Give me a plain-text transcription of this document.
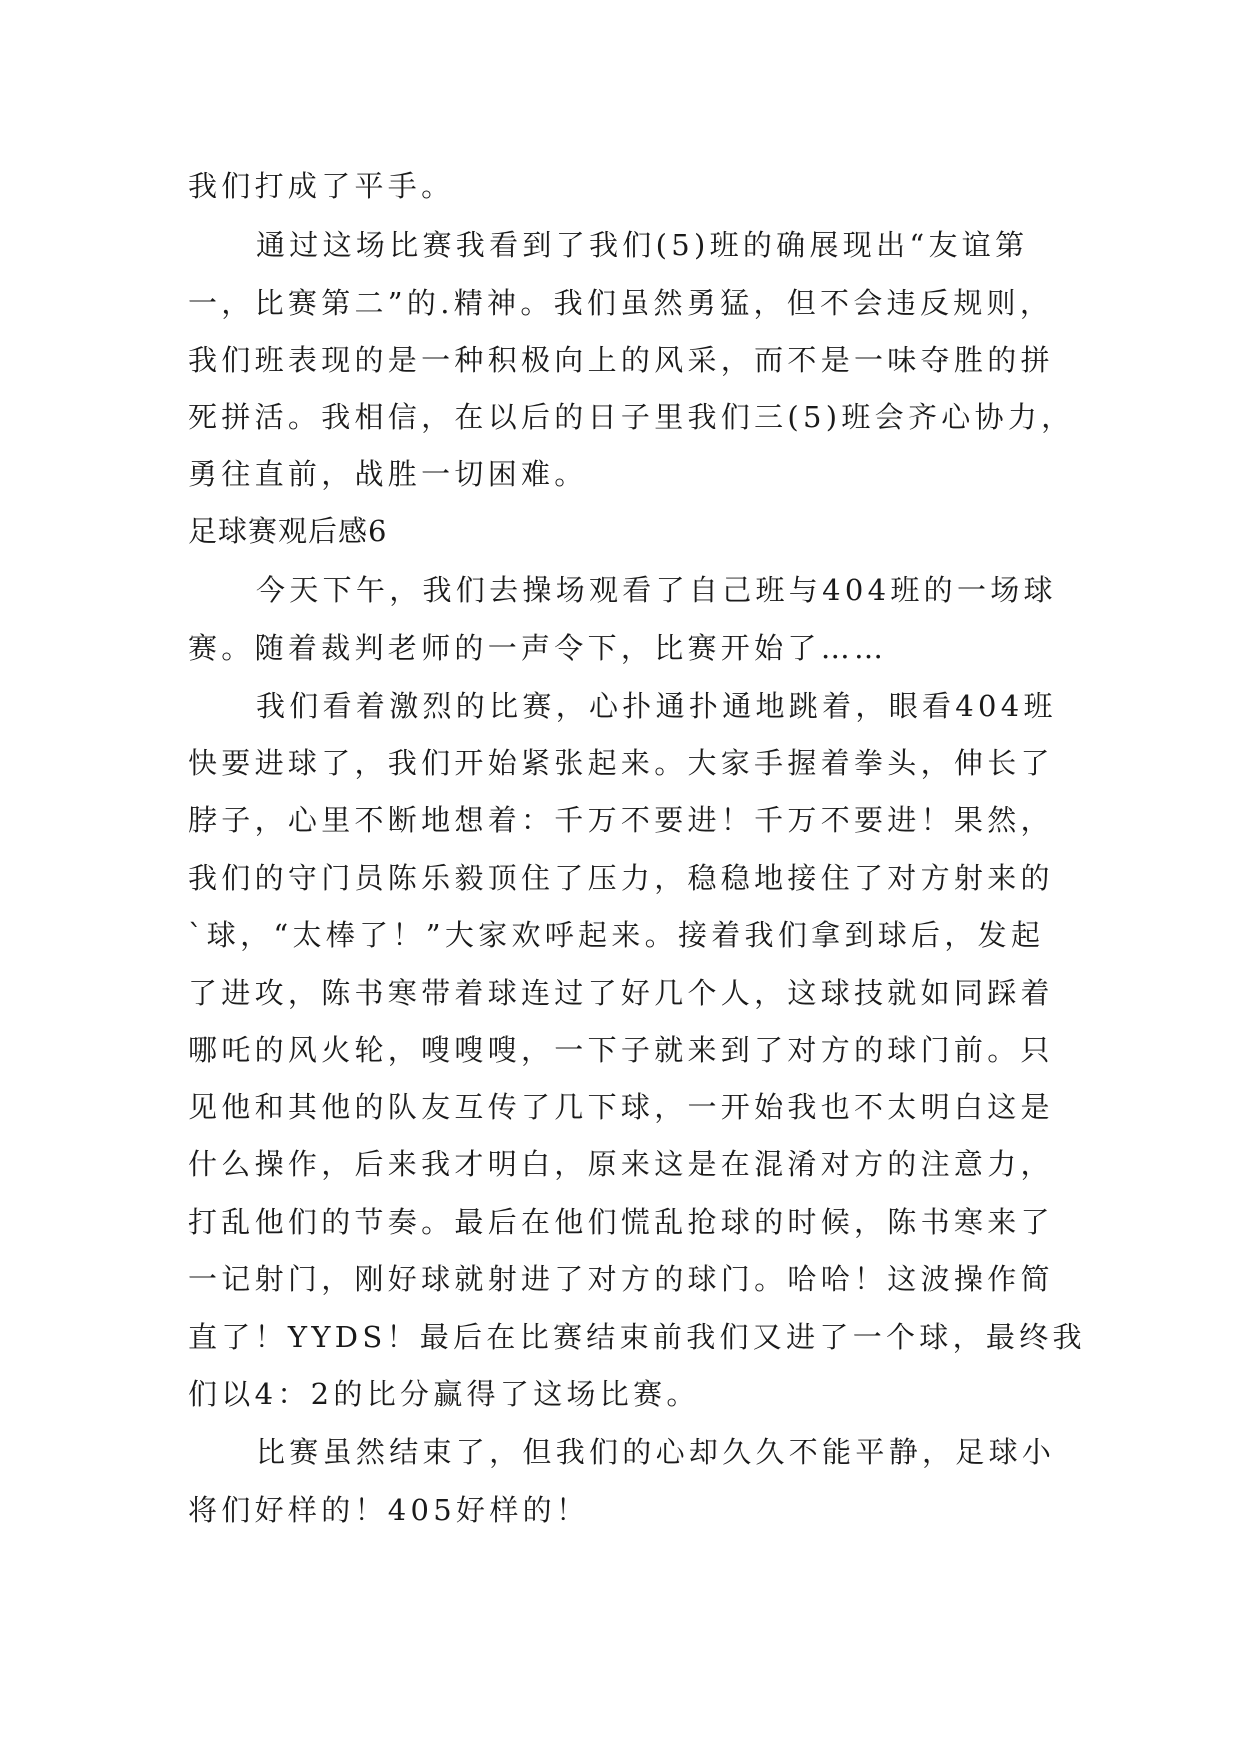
我们打成了平手。
通过这场比赛我看到了我们(5)班的确展现出“友谊第
一，比赛第二”的.精神。我们虽然勇猛，但不会违反规则，
我们班表现的是一种积极向上的风采，而不是一味夺胜的拼
死拼活。我相信，在以后的日子里我们三(5)班会齐心协力，
勇往直前，战胜一切困难。
足球赛观后感6
今天下午，我们去操场观看了自己班与404班的一场球
赛。随着裁判老师的一声令下，比赛开始了……
我们看着激烈的比赛，心扑通扑通地跳着，眼看404班
快要进球了，我们开始紧张起来。大家手握着拳头，伸长了
脖子，心里不断地想着：千万不要进！千万不要进！果然，
我们的守门员陈乐毅顶住了压力，稳稳地接住了对方射来的
`球，“太棒了！”大家欢呼起来。接着我们拿到球后，发起
了进攻，陈书寒带着球连过了好几个人，这球技就如同踩着
哪吒的风火轮，嗖嗖嗖，一下子就来到了对方的球门前。只
见他和其他的队友互传了几下球，一开始我也不太明白这是
什么操作，后来我才明白，原来这是在混淆对方的注意力，
打乱他们的节奏。最后在他们慌乱抢球的时候，陈书寒来了
一记射门，刚好球就射进了对方的球门。哈哈！这波操作简
直了！YYDS！最后在比赛结束前我们又进了一个球，最终我
们以4：2的比分赢得了这场比赛。
比赛虽然结束了，但我们的心却久久不能平静，足球小
将们好样的！405好样的！
